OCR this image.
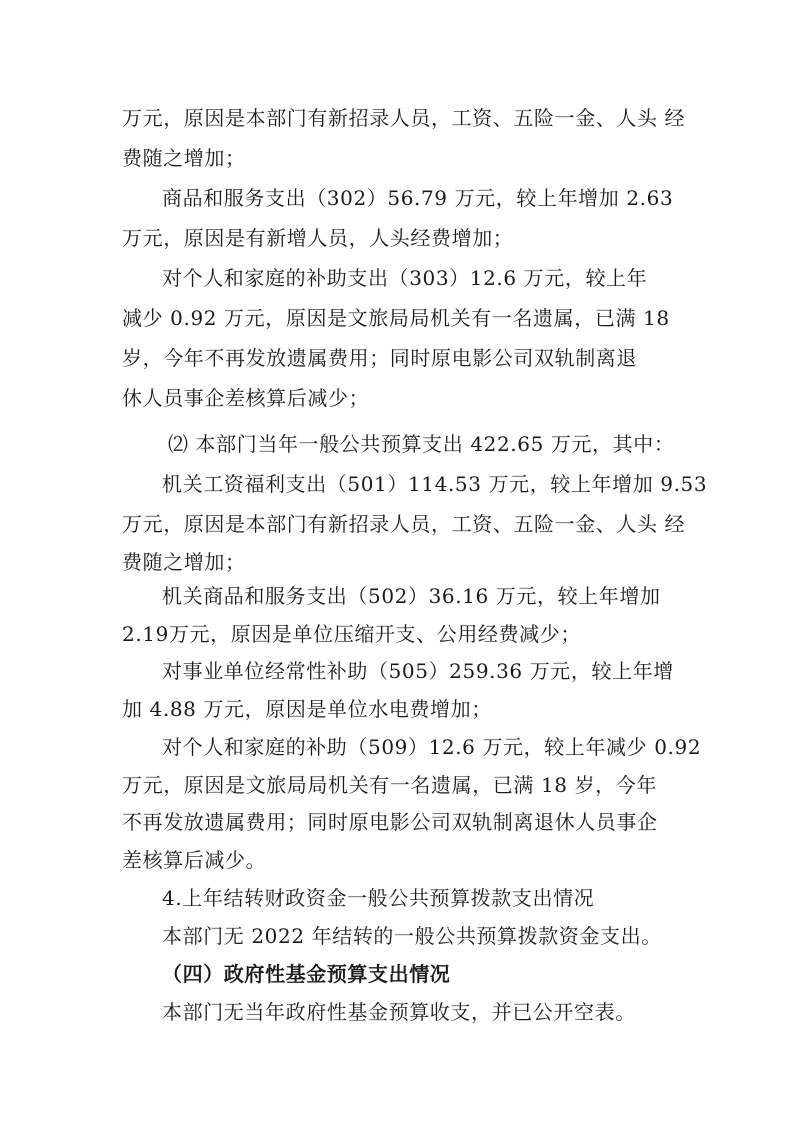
万元，原因是本部门有新招录人员，工资、五险一金、人头 经
费随之增加；
商品和服务支出（302）56.79 万元，较上年增加 2.63
万元，原因是有新增人员，人头经费增加；
对个人和家庭的补助支出（303）12.6 万元，较上年
减少 0.92 万元，原因是文旅局局机关有一名遗属，已满 18
岁，今年不再发放遗属费用；同时原电影公司双轨制离退
休人员事企差核算后减少；
⑵ 本部门当年一般公共预算支出 422.65 万元，其中：
机关工资福利支出（501）114.53 万元，较上年增加 9.53
万元，原因是本部门有新招录人员，工资、五险一金、人头 经
费随之增加；
机关商品和服务支出（502）36.16 万元，较上年增加
2.19万元，原因是单位压缩开支、公用经费减少；
对事业单位经常性补助（505）259.36 万元，较上年增
加 4.88 万元，原因是单位水电费增加；
对个人和家庭的补助（509）12.6 万元，较上年减少 0.92
万元，原因是文旅局局机关有一名遗属，已满 18 岁，今年
不再发放遗属费用；同时原电影公司双轨制离退休人员事企
差核算后减少。
4.上年结转财政资金一般公共预算拨款支出情况
本部门无 2022 年结转的一般公共预算拨款资金支出。
（四）政府性基金预算支出情况
本部门无当年政府性基金预算收支，并已公开空表。
